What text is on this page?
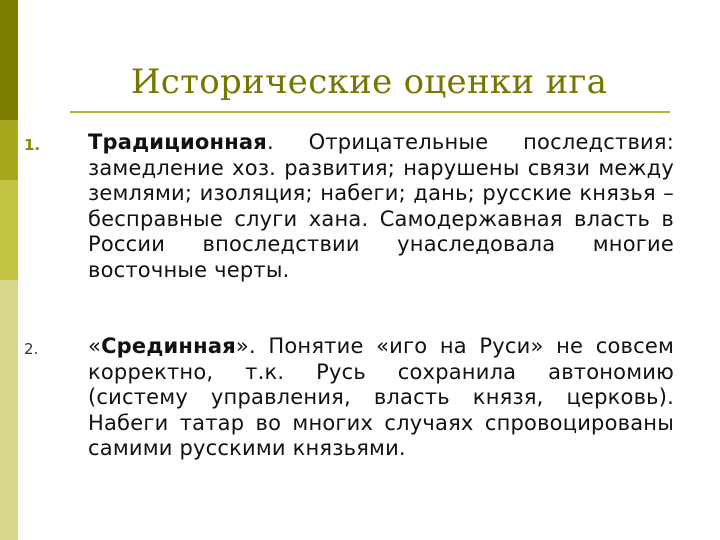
Исторические оценки ига
1.	Традиционная. Отрицательные последствия: замедление хоз. развития; нарушены связи между землями; изоляция; набеги; дань; русские князья – бесправные слуги хана. Самодержавная власть в России впоследствии унаследовала многие восточные черты.
2.	«Срединная». Понятие «иго на Руси» не совсем корректно, т.к. Русь сохранила автономию (систему управления, власть князя, церковь). Набеги татар во многих случаях спровоцированы самими русскими князьями.
